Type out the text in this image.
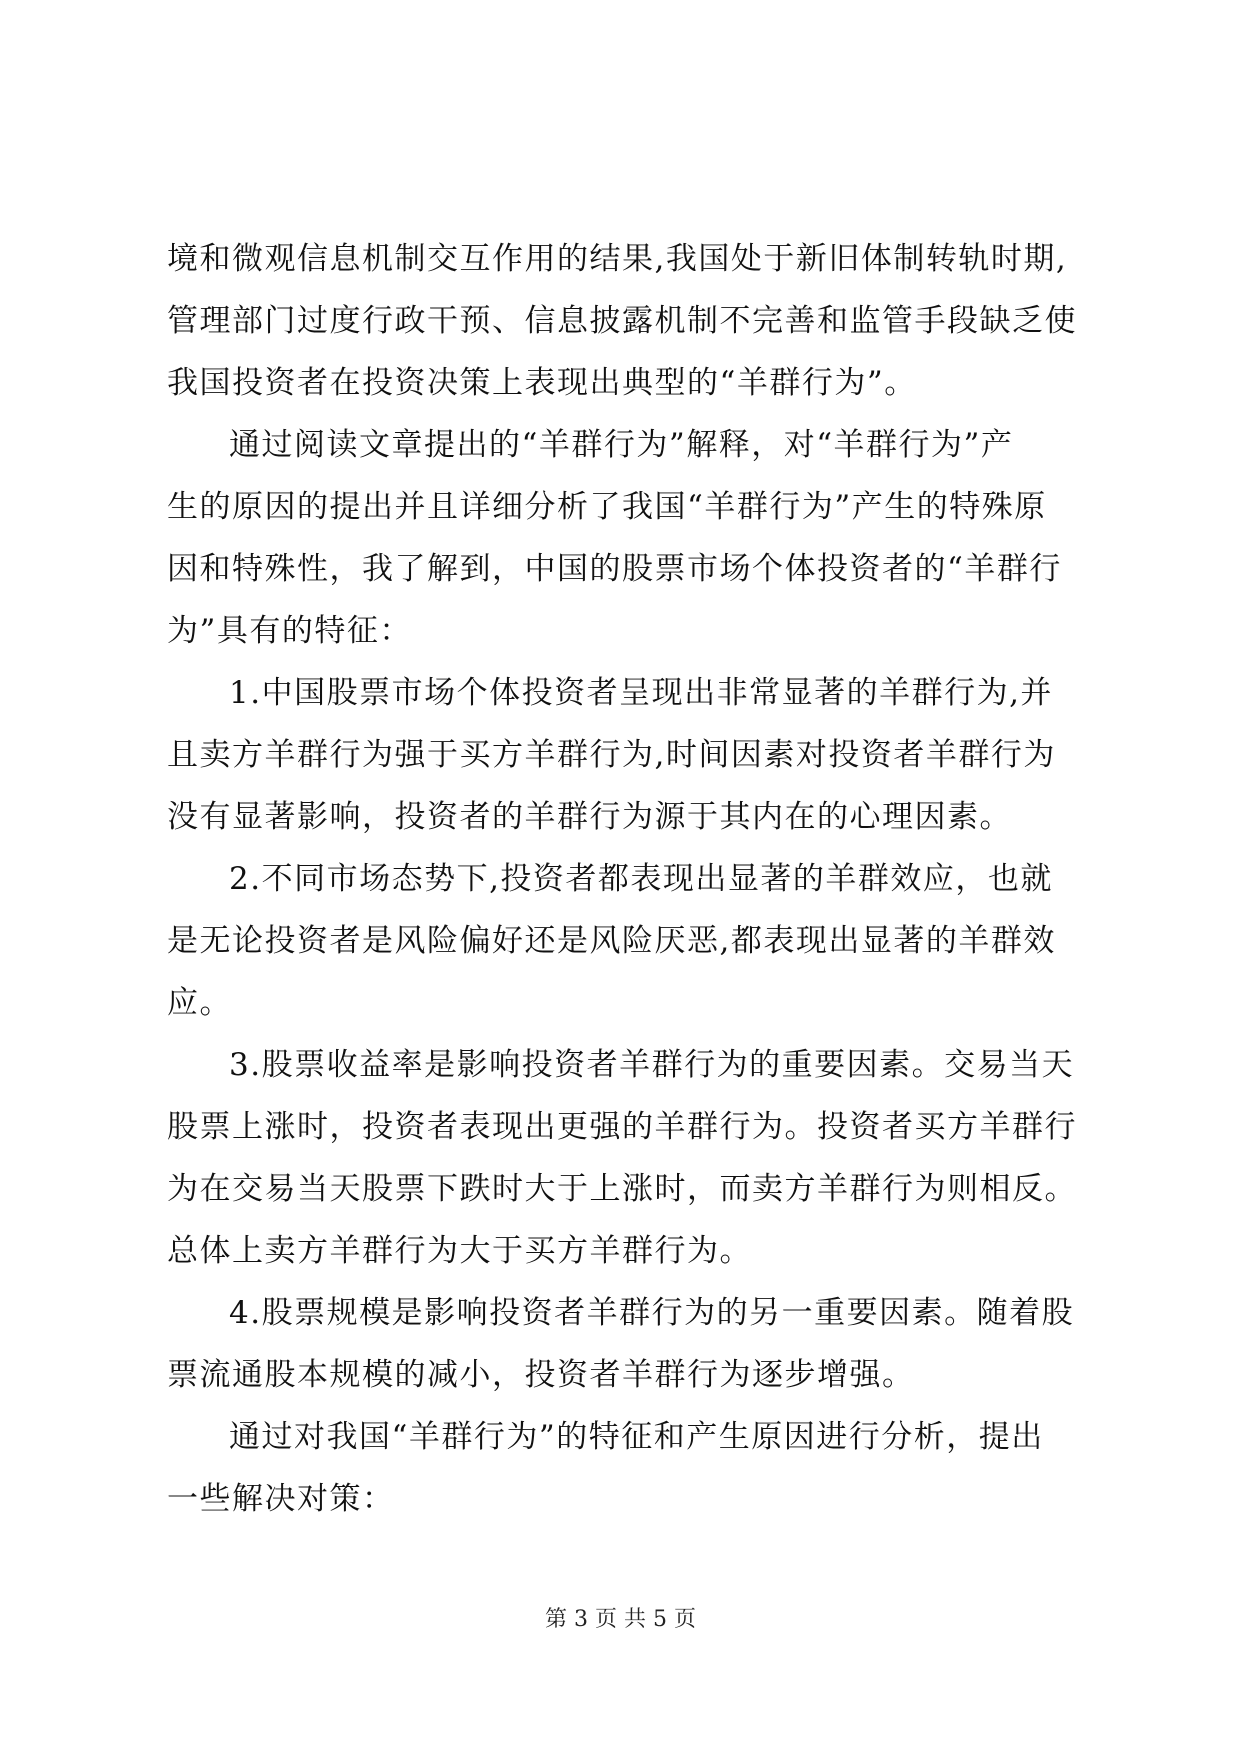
境和微观信息机制交互作用的结果,我国处于新旧体制转轨时期,
管理部门过度行政干预、信息披露机制不完善和监管手段缺乏使
我国投资者在投资决策上表现出典型的“羊群行为”。
通过阅读文章提出的“羊群行为”解释，对“羊群行为”产
生的原因的提出并且详细分析了我国“羊群行为”产生的特殊原
因和特殊性，我了解到，中国的股票市场个体投资者的“羊群行
为”具有的特征：
1.中国股票市场个体投资者呈现出非常显著的羊群行为,并
且卖方羊群行为强于买方羊群行为,时间因素对投资者羊群行为
没有显著影响，投资者的羊群行为源于其内在的心理因素。
2.不同市场态势下,投资者都表现出显著的羊群效应，也就
是无论投资者是风险偏好还是风险厌恶,都表现出显著的羊群效
应。
3.股票收益率是影响投资者羊群行为的重要因素。交易当天
股票上涨时，投资者表现出更强的羊群行为。投资者买方羊群行
为在交易当天股票下跌时大于上涨时，而卖方羊群行为则相反。
总体上卖方羊群行为大于买方羊群行为。
4.股票规模是影响投资者羊群行为的另一重要因素。随着股
票流通股本规模的减小，投资者羊群行为逐步增强。
通过对我国“羊群行为”的特征和产生原因进行分析，提出
一些解决对策：
第 3 页 共 5 页
